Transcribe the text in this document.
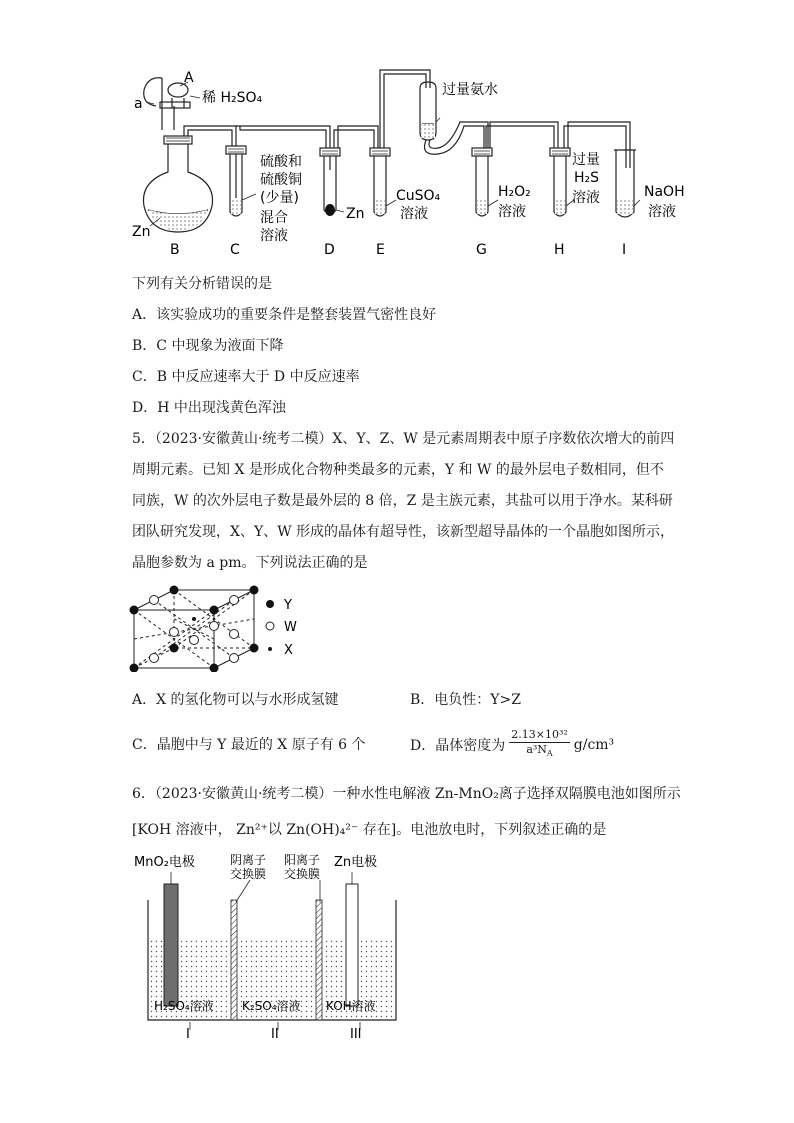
a
A
稀 H₂SO₄
Zn
硫酸和
硫酸铜
(少量)
混合
溶液
Zn
CuSO₄
溶液
过量氨水
H₂O₂
溶液
过量
H₂S
溶液	NaOH
溶液
B	C	D	E	G	H	I
下列有关分析错误的是
A．该实验成功的重要条件是整套装置气密性良好
B．C 中现象为液面下降
C．B 中反应速率大于 D 中反应速率
D．H 中出现浅黄色浑浊
5．（2023·安徽黄山·统考二模）X、Y、Z、W 是元素周期表中原子序数依次增大的前四
周期元素。已知 X 是形成化合物种类最多的元素，Y 和 W 的最外层电子数相同，但不
同族，W 的次外层电子数是最外层的 8 倍，Z 是主族元素，其盐可以用于净水。某科研
团队研究发现，X、Y、W 形成的晶体有超导性，该新型超导晶体的一个晶胞如图所示，
晶胞参数为 a pm。下列说法正确的是
Y
W
X
A．X 的氢化物可以与水形成氢键	B．电负性：Y>Z
C．晶胞中与 Y 最近的 X 原子有 6 个	D．晶体密度为 $\frac{\text{2.13×10³²}}{a^3N_A} g/cm^3$
6．（2023·安徽黄山·统考二模）一种水性电解液 Zn-MnO₂离子选择双隔膜电池如图所示
[KOH 溶液中， Zn²⁺以 Zn(OH)₄²⁻ 存在]。电池放电时，下列叙述正确的是
MnO₂电极	阴离子
交换膜
阳离子
交换膜
Zn电极
H₂SO₄溶液 K₂SO₄溶液 KOH溶液
I	II	III
